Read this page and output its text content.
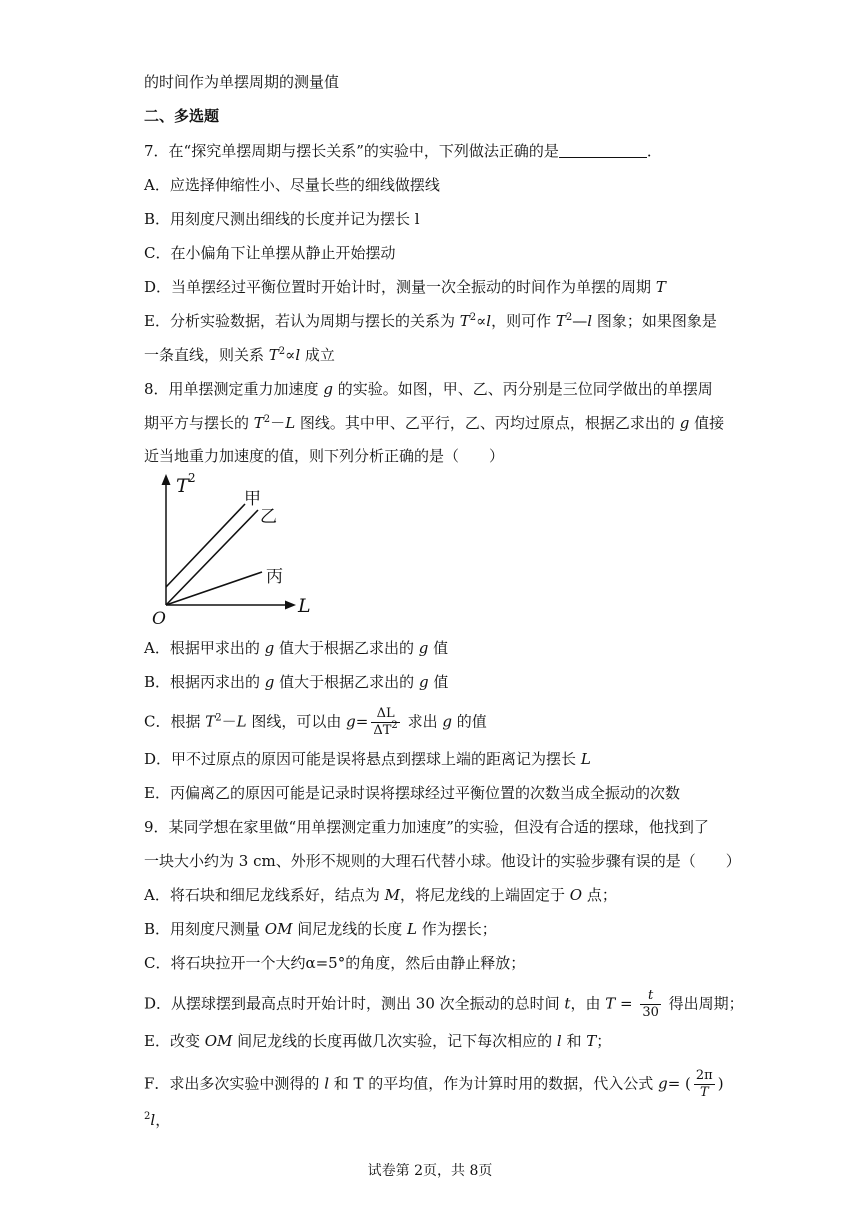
的时间作为单摆周期的测量值
二、多选题
7．在“探究单摆周期与摆长关系”的实验中，下列做法正确的是	．
A．应选择伸缩性小、尽量长些的细线做摆线
B．用刻度尺测出细线的长度并记为摆长 l
C．在小偏角下让单摆从静止开始摆动
D．当单摆经过平衡位置时开始计时，测量一次全振动的时间作为单摆的周期 T
E．分析实验数据，若认为周期与摆长的关系为 $T^2\propto l$，则可作 $T^2—l$ 图象；如果图象是
一条直线，则关系 $T^2\propto l$ 成立
8．用单摆测定重力加速度 g 的实验。如图，甲、乙、丙分别是三位同学做出的单摆周
期平方与摆长的 $T^2-L$ 图线。其中甲、乙平行，乙、丙均过原点，根据乙求出的 g 值接
近当地重力加速度的值，则下列分析正确的是（　　）
T 2
L
O
甲
乙
丙
A．根据甲求出的 g 值大于根据乙求出的 g 值
B．根据丙求出的 g 值大于根据乙求出的 g 值
C．根据 $T^2-L$ 图线，可以由 $g= \frac{\Delta L}{\Delta T^2}$ 求出 g 的值
D．甲不过原点的原因可能是误将悬点到摆球上端的距离记为摆长 L
E．丙偏离乙的原因可能是记录时误将摆球经过平衡位置的次数当成全振动的次数
9．某同学想在家里做“用单摆测定重力加速度”的实验，但没有合适的摆球，他找到了
一块大小约为 3 cm、外形不规则的大理石代替小球。他设计的实验步骤有误的是（　　）
A．将石块和细尼龙线系好，结点为 M，将尼龙线的上端固定于 O 点；
B．用刻度尺测量 OM 间尼龙线的长度 L 作为摆长；
C．将石块拉开一个大约α=5°的角度，然后由静止释放；
D．从摆球摆到最高点时开始计时，测出 30 次全振动的总时间 t，由 $T = \frac{t}{30}$ 得出周期；
E．改变 OM 间尼龙线的长度再做几次实验，记下每次相应的 l 和 T；
F．求出多次实验中测得的 l 和 T 的平均值，作为计算时用的数据，代入公式 g= ( $\frac{2\pi}{T}$ )
$^2$l，
试卷第 2页，共 8页
